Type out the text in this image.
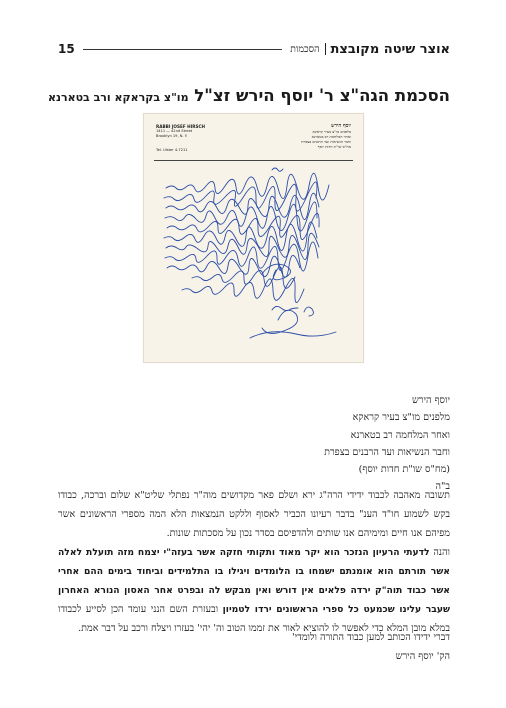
אוצר שיטה מקובצת
הסכמות
15
הסכמת הגה"צ ר' יוסף הירש זצ"ל מו"צ בקראקא ורב בטארנא
RABBI JOSEF HIRSCH
1411 — 42nd Street
Brooklyn 19, N. Y.
Tel. Ulster 4-7211
יוסף הירש
מלפנים מו"צ בעיר קראקא
ואחר המלחמה רב בטארנא
וחבר הנשיאות ועד הרבנים בצפרת
מח"ס שו"ת חדות יוסף
יוסף הירש
מלפנים מו"צ בעיר קראקא
ואחר המלחמה רב בטארנא
וחבר הנשיאות ועד הרבנים בצפרת
(מח"ס שו"ת חדות יוסף)
ב"ה
תשובה מאהבה לכבוד ידידי הרה"ג ירא ושלם פאר מקדושים מוה"ר נפתלי שליט"א שלום וברכה, כבודו בקש לשמוע חו"ד הענ" בדבר רעיונו הכביר לאסוף וללקט הנמצאות הלא המה מספרי הראשונים אשר מפיהם אנו חיים ומימיהם אנו שותים ולהדפיסם בסדר נכון על מסכתות שונות.
והנה לדעתי הרעיון הנזכר הוא יקר מאוד ותקותי חזקה אשר בעזה"י יצמח מזה תועלת לאלה אשר תורתם הוא אומנתם ישמחו בו הלומדים ויגילו בו התלמידים וביחוד בימים ההם אחרי אשר כבוד תוה"ק ירדה פלאים אין דורש ואין מבקש לה ובפרט אחר האסון הנורא האחרון שעבר עלינו שכמעט כל ספרי הראשונים ירדו לטמיון ובעזרת השם הנני עומד הכן לסייע לכבודו במלא מובן המלא כדי לאפשר לו להוציא לאור את זממו הטוב וה' יהי' בעזרו ויצלח ורכב על דבר אמת.
דברי ידידו הכותב למען כבוד התורה ולומדי'
הק' יוסף הירש
